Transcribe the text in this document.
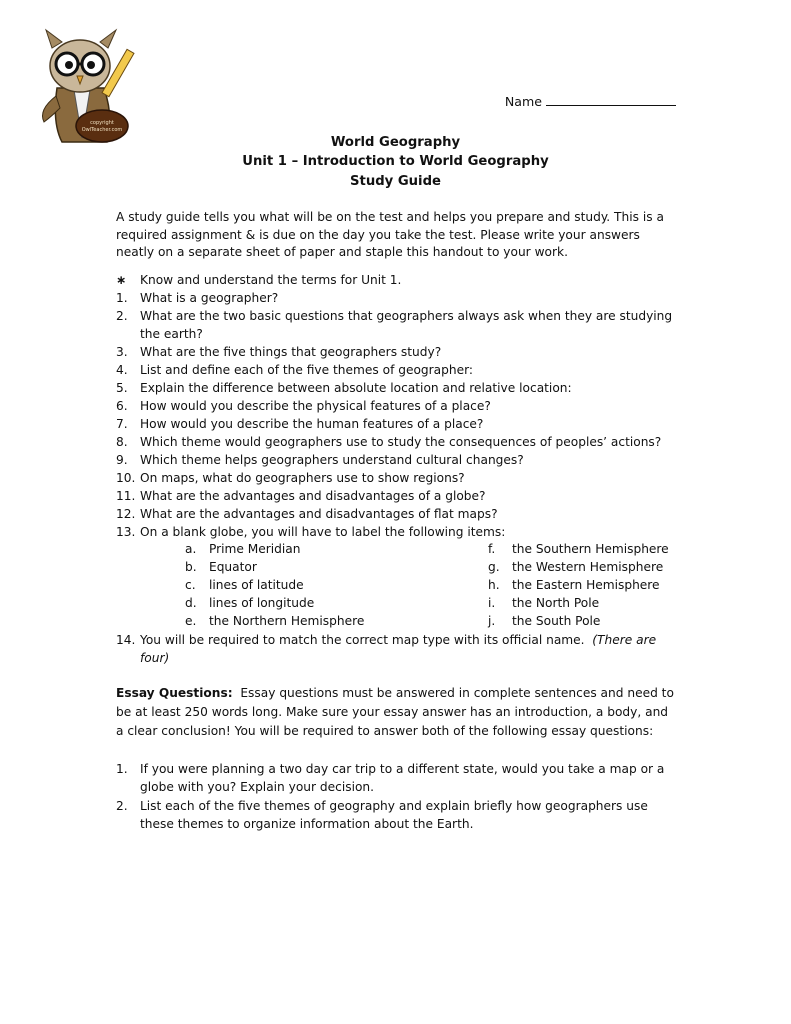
copyright
OwlTeacher.com
Name
World Geography
Unit 1 – Introduction to World Geography
Study Guide
A study guide tells you what will be on the test and helps you prepare and study. This is a required assignment & is due on the day you take the test. Please write your answers neatly on a separate sheet of paper and staple this handout to your work.
∗ Know and understand the terms for Unit 1.
1. What is a geographer?
2. What are the two basic questions that geographers always ask when they are studying the earth?
3. What are the five things that geographers study?
4. List and define each of the five themes of geographer:
5. Explain the difference between absolute location and relative location:
6. How would you describe the physical features of a place?
7. How would you describe the human features of a place?
8. Which theme would geographers use to study the consequences of peoples’ actions?
9. Which theme helps geographers understand cultural changes?
10. On maps, what do geographers use to show regions?
11. What are the advantages and disadvantages of a globe?
12. What are the advantages and disadvantages of flat maps?
13. On a blank globe, you will have to label the following items:
a. Prime Meridian
b. Equator
c. lines of latitude
d. lines of longitude
e. the Northern Hemisphere
f. the Southern Hemisphere
g. the Western Hemisphere
h. the Eastern Hemisphere
i. the North Pole
j. the South Pole
14. You will be required to match the correct map type with its official name. (There are
four)
Essay Questions: Essay questions must be answered in complete sentences and need to be at least 250 words long. Make sure your essay answer has an introduction, a body, and a clear conclusion! You will be required to answer both of the following essay questions:
1. If you were planning a two day car trip to a different state, would you take a map or a globe with you? Explain your decision.
2. List each of the five themes of geography and explain briefly how geographers use these themes to organize information about the Earth.
